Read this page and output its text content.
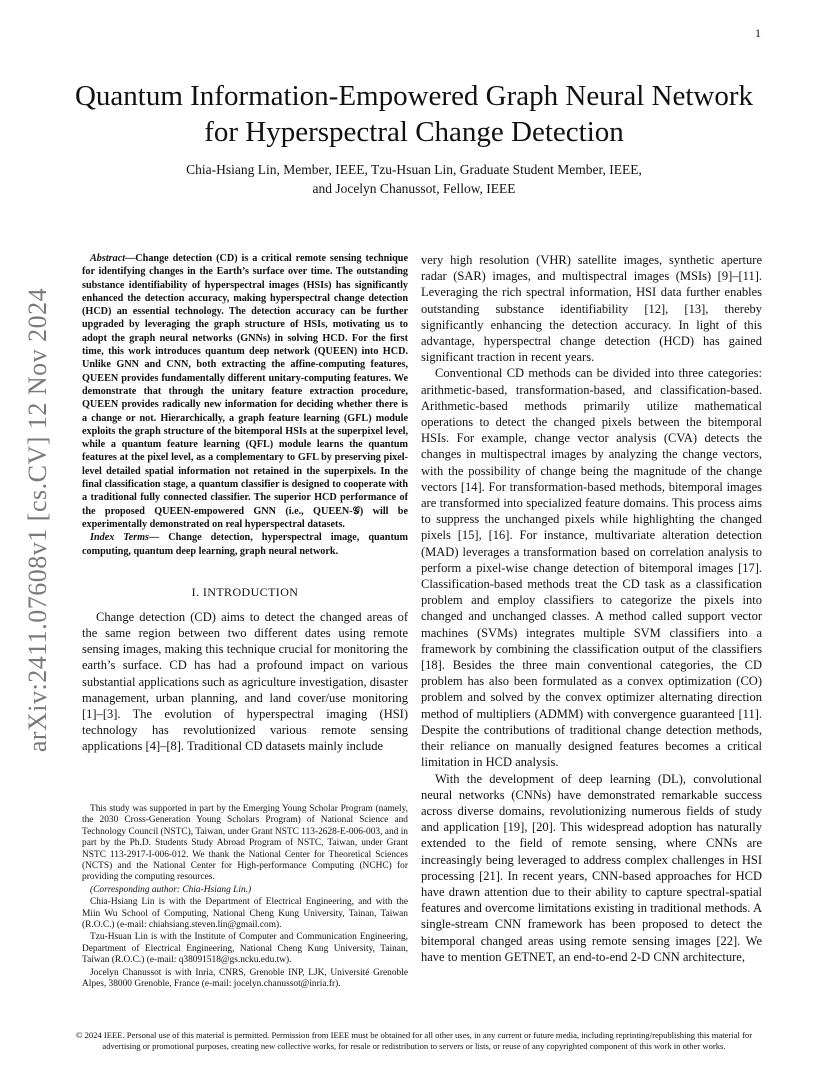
1
arXiv:2411.07608v1 [cs.CV] 12 Nov 2024
Quantum Information-Empowered Graph Neural Network for Hyperspectral Change Detection
Chia-Hsiang Lin, Member, IEEE, Tzu-Hsuan Lin, Graduate Student Member, IEEE,
and Jocelyn Chanussot, Fellow, IEEE

Abstract—Change detection (CD) is a critical remote sensing technique for identifying changes in the Earth’s surface over time. The outstanding substance identifiability of hyperspectral images (HSIs) has significantly enhanced the detection accuracy, making hyperspectral change detection (HCD) an essential technology. The detection accuracy can be further upgraded by leveraging the graph structure of HSIs, motivating us to adopt the graph neural networks (GNNs) in solving HCD. For the first time, this work introduces quantum deep network (QUEEN) into HCD. Unlike GNN and CNN, both extracting the affine-computing features, QUEEN provides fundamentally different unitary-computing features. We demonstrate that through the unitary feature extraction procedure, QUEEN provides radically new information for deciding whether there is a change or not. Hierarchically, a graph feature learning (GFL) module exploits the graph structure of the bitemporal HSIs at the superpixel level, while a quantum feature learning (QFL) module learns the quantum features at the pixel level, as a complementary to GFL by preserving pixel-level detailed spatial information not retained in the superpixels. In the final classification stage, a quantum classifier is designed to cooperate with a traditional fully connected classifier. The superior HCD performance of the proposed QUEEN-empowered GNN (i.e., QUEEN-𝒢) will be experimentally demonstrated on real hyperspectral datasets.

Index Terms— Change detection, hyperspectral image, quantum computing, quantum deep learning, graph neural network.

I. INTRODUCTION

Change detection (CD) aims to detect the changed areas of the same region between two different dates using remote sensing images, making this technique crucial for monitoring the earth’s surface. CD has had a profound impact on various substantial applications such as agriculture investigation, disaster management, urban planning, and land cover/use monitoring [1]–[3]. The evolution of hyperspectral imaging (HSI) technology has revolutionized various remote sensing applications [4]–[8]. Traditional CD datasets mainly include

very high resolution (VHR) satellite images, synthetic aperture radar (SAR) images, and multispectral images (MSIs) [9]–[11]. Leveraging the rich spectral information, HSI data further enables outstanding substance identifiability [12], [13], thereby significantly enhancing the detection accuracy. In light of this advantage, hyperspectral change detection (HCD) has gained significant traction in recent years.

Conventional CD methods can be divided into three categories: arithmetic-based, transformation-based, and classification-based. Arithmetic-based methods primarily utilize mathematical operations to detect the changed pixels between the bitemporal HSIs. For example, change vector analysis (CVA) detects the changes in multispectral images by analyzing the change vectors, with the possibility of change being the magnitude of the change vectors [14]. For transformation-based methods, bitemporal images are transformed into specialized feature domains. This process aims to suppress the unchanged pixels while highlighting the changed pixels [15], [16]. For instance, multivariate alteration detection (MAD) leverages a transformation based on correlation analysis to perform a pixel-wise change detection of bitemporal images [17]. Classification-based methods treat the CD task as a classification problem and employ classifiers to categorize the pixels into changed and unchanged classes. A method called support vector machines (SVMs) integrates multiple SVM classifiers into a framework by combining the classification output of the classifiers [18]. Besides the three main conventional categories, the CD problem has also been formulated as a convex optimization (CO) problem and solved by the convex optimizer alternating direction method of multipliers (ADMM) with convergence guaranteed [11]. Despite the contributions of traditional change detection methods, their reliance on manually designed features becomes a critical limitation in HCD analysis.

With the development of deep learning (DL), convolutional neural networks (CNNs) have demonstrated remarkable success across diverse domains, revolutionizing numerous fields of study and application [19], [20]. This widespread adoption has naturally extended to the field of remote sensing, where CNNs are increasingly being leveraged to address complex challenges in HSI processing [21]. In recent years, CNN-based approaches for HCD have drawn attention due to their ability to capture spectral-spatial features and overcome limitations existing in traditional methods. A single-stream CNN framework has been proposed to detect the bitemporal changed areas using remote sensing images [22]. We have to mention GETNET, an end-to-end 2-D CNN architecture,

This study was supported in part by the Emerging Young Scholar Program (namely, the 2030 Cross-Generation Young Scholars Program) of National Science and Technology Council (NSTC), Taiwan, under Grant NSTC 113-2628-E-006-003, and in part by the Ph.D. Students Study Abroad Program of NSTC, Taiwan, under Grant NSTC 113-2917-I-006-012. We thank the National Center for Theoretical Sciences (NCTS) and the National Center for High-performance Computing (NCHC) for providing the computing resources.

(Corresponding author: Chia-Hsiang Lin.)

Chia-Hsiang Lin is with the Department of Electrical Engineering, and with the Miin Wu School of Computing, National Cheng Kung University, Tainan, Taiwan (R.O.C.) (e-mail: chiahsiang.steven.lin@gmail.com).

Tzu-Hsuan Lin is with the Institute of Computer and Communication Engineering, Department of Electrical Engineering, National Cheng Kung University, Tainan, Taiwan (R.O.C.) (e-mail: q38091518@gs.ncku.edu.tw).

Jocelyn Chanussot is with Inria, CNRS, Grenoble INP, LJK, Université Grenoble Alpes, 38000 Grenoble, France (e-mail: jocelyn.chanussot@inria.fr).

© 2024 IEEE. Personal use of this material is permitted. Permission from IEEE must be obtained for all other uses, in any current or future media, including reprinting/republishing this material for advertising or promotional purposes, creating new collective works, for resale or redistribution to servers or lists, or reuse of any copyrighted component of this work in other works.
